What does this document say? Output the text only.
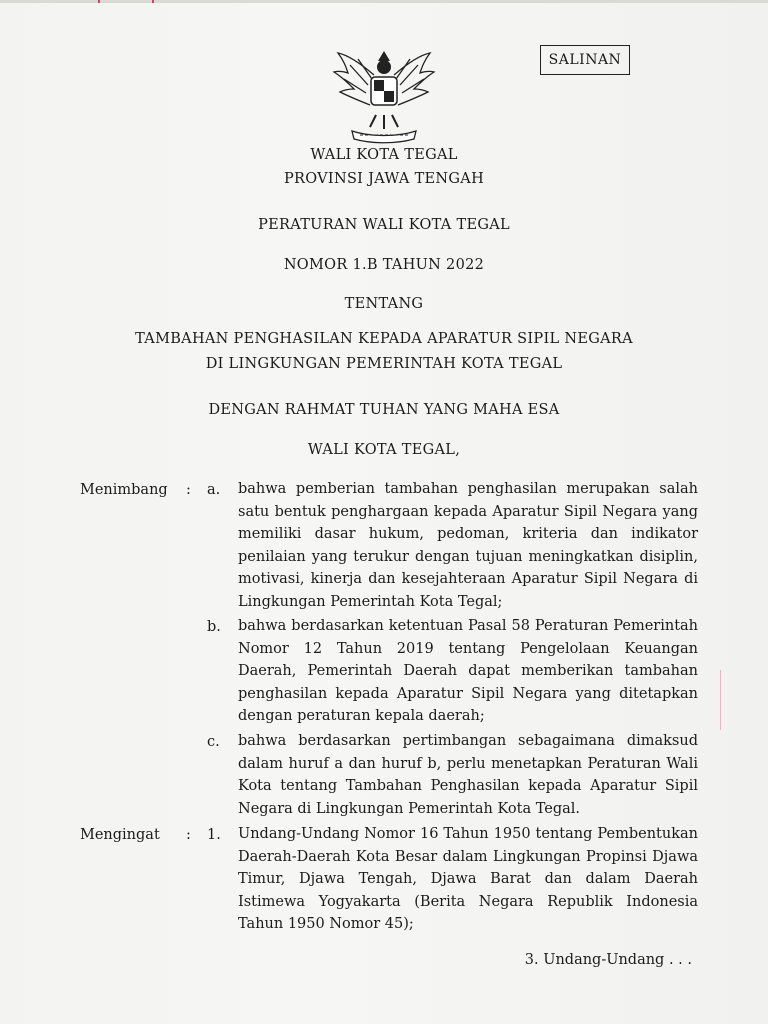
SALINAN
WALI KOTA TEGAL
PROVINSI JAWA TENGAH
PERATURAN WALI KOTA TEGAL
NOMOR 1.B TAHUN 2022
TENTANG
TAMBAHAN PENGHASILAN KEPADA APARATUR SIPIL NEGARA
DI LINGKUNGAN PEMERINTAH KOTA TEGAL
DENGAN RAHMAT TUHAN YANG MAHA ESA
WALI KOTA TEGAL,
Menimbang : a. bahwa pemberian tambahan penghasilan merupakan salah satu bentuk penghargaan kepada Aparatur Sipil Negara yang memiliki dasar hukum, pedoman, kriteria dan indikator penilaian yang terukur dengan tujuan meningkatkan disiplin, motivasi, kinerja dan kesejahteraan Aparatur Sipil Negara di Lingkungan Pemerintah Kota Tegal;
b. bahwa berdasarkan ketentuan Pasal 58 Peraturan Pemerintah Nomor 12 Tahun 2019 tentang Pengelolaan Keuangan Daerah, Pemerintah Daerah dapat memberikan tambahan penghasilan kepada Aparatur Sipil Negara yang ditetapkan dengan peraturan kepala daerah;
c. bahwa berdasarkan pertimbangan sebagaimana dimaksud dalam huruf a dan huruf b, perlu menetapkan Peraturan Wali Kota tentang Tambahan Penghasilan kepada Aparatur Sipil Negara di Lingkungan Pemerintah Kota Tegal.
Mengingat : 1. Undang-Undang Nomor 16 Tahun 1950 tentang Pembentukan Daerah-Daerah Kota Besar dalam Lingkungan Propinsi Djawa Timur, Djawa Tengah, Djawa Barat dan dalam Daerah Istimewa Yogyakarta (Berita Negara Republik Indonesia Tahun 1950 Nomor 45);
3. Undang-Undang . . .
